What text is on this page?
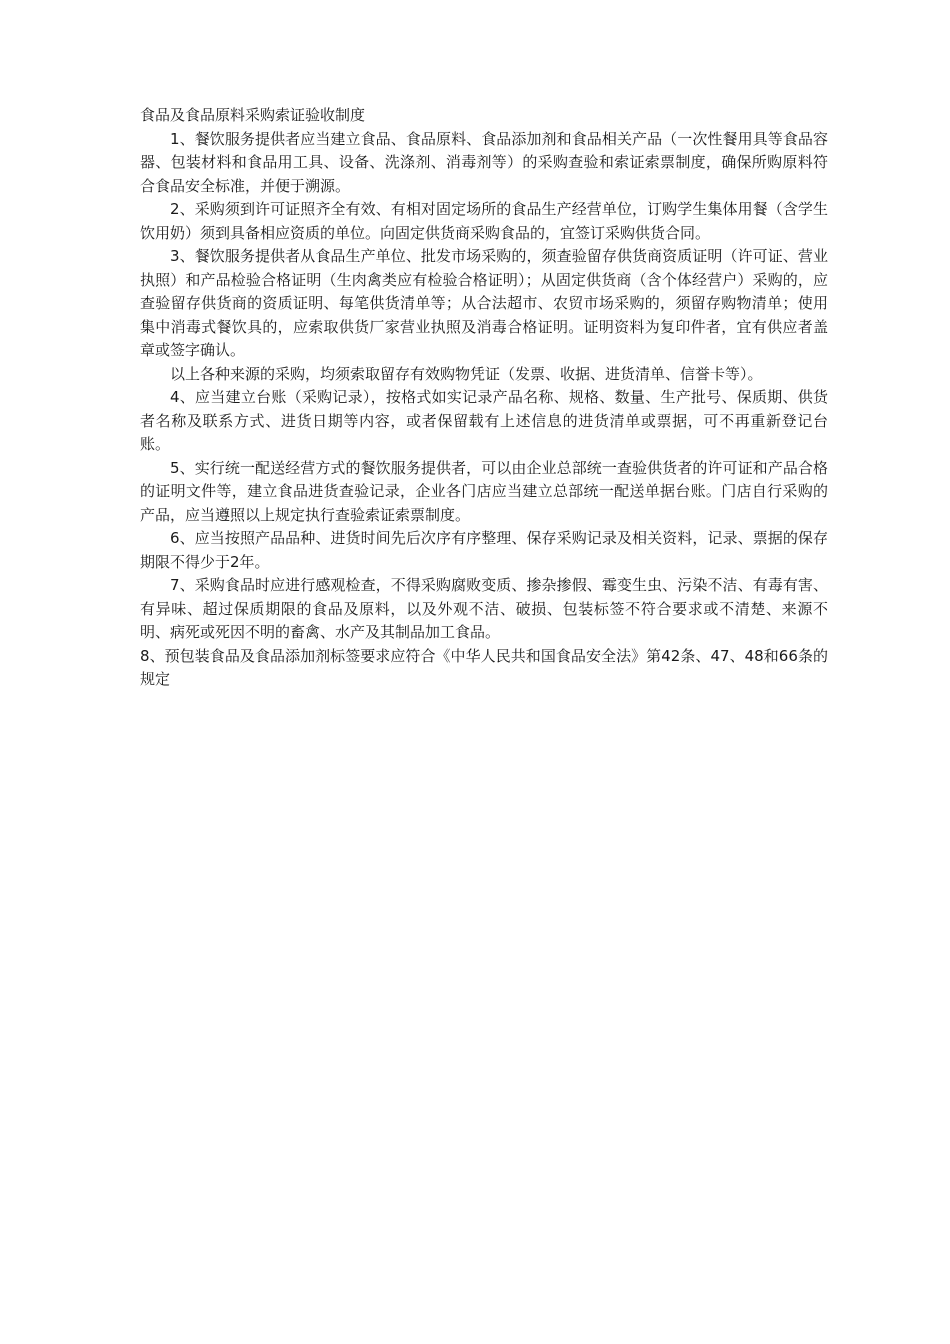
食品及食品原料采购索证验收制度

1、餐饮服务提供者应当建立食品、食品原料、食品添加剂和食品相关产品（一次性餐用具等食品容器、包装材料和食品用工具、设备、洗涤剂、消毒剂等）的采购查验和索证索票制度，确保所购原料符合食品安全标准，并便于溯源。

2、采购须到许可证照齐全有效、有相对固定场所的食品生产经营单位，订购学生集体用餐（含学生饮用奶）须到具备相应资质的单位。向固定供货商采购食品的，宜签订采购供货合同。

3、餐饮服务提供者从食品生产单位、批发市场采购的，须查验留存供货商资质证明（许可证、营业执照）和产品检验合格证明（生肉禽类应有检验合格证明）；从固定供货商（含个体经营户）采购的，应查验留存供货商的资质证明、每笔供货清单等；从合法超市、农贸市场采购的，须留存购物清单；使用集中消毒式餐饮具的，应索取供货厂家营业执照及消毒合格证明。证明资料为复印件者，宜有供应者盖章或签字确认。

以上各种来源的采购，均须索取留存有效购物凭证（发票、收据、进货清单、信誉卡等）。

4、应当建立台账（采购记录），按格式如实记录产品名称、规格、数量、生产批号、保质期、供货者名称及联系方式、进货日期等内容，或者保留载有上述信息的进货清单或票据，可不再重新登记台账。

5、实行统一配送经营方式的餐饮服务提供者，可以由企业总部统一查验供货者的许可证和产品合格的证明文件等，建立食品进货查验记录，企业各门店应当建立总部统一配送单据台账。门店自行采购的产品，应当遵照以上规定执行查验索证索票制度。

6、应当按照产品品种、进货时间先后次序有序整理、保存采购记录及相关资料，记录、票据的保存期限不得少于2年。

7、采购食品时应进行感观检查，不得采购腐败变质、掺杂掺假、霉变生虫、污染不洁、有毒有害、有异味、超过保质期限的食品及原料，以及外观不洁、破损、包装标签不符合要求或不清楚、来源不明、病死或死因不明的畜禽、水产及其制品加工食品。

8、预包装食品及食品添加剂标签要求应符合《中华人民共和国食品安全法》第42条、47、48和66条的规定
